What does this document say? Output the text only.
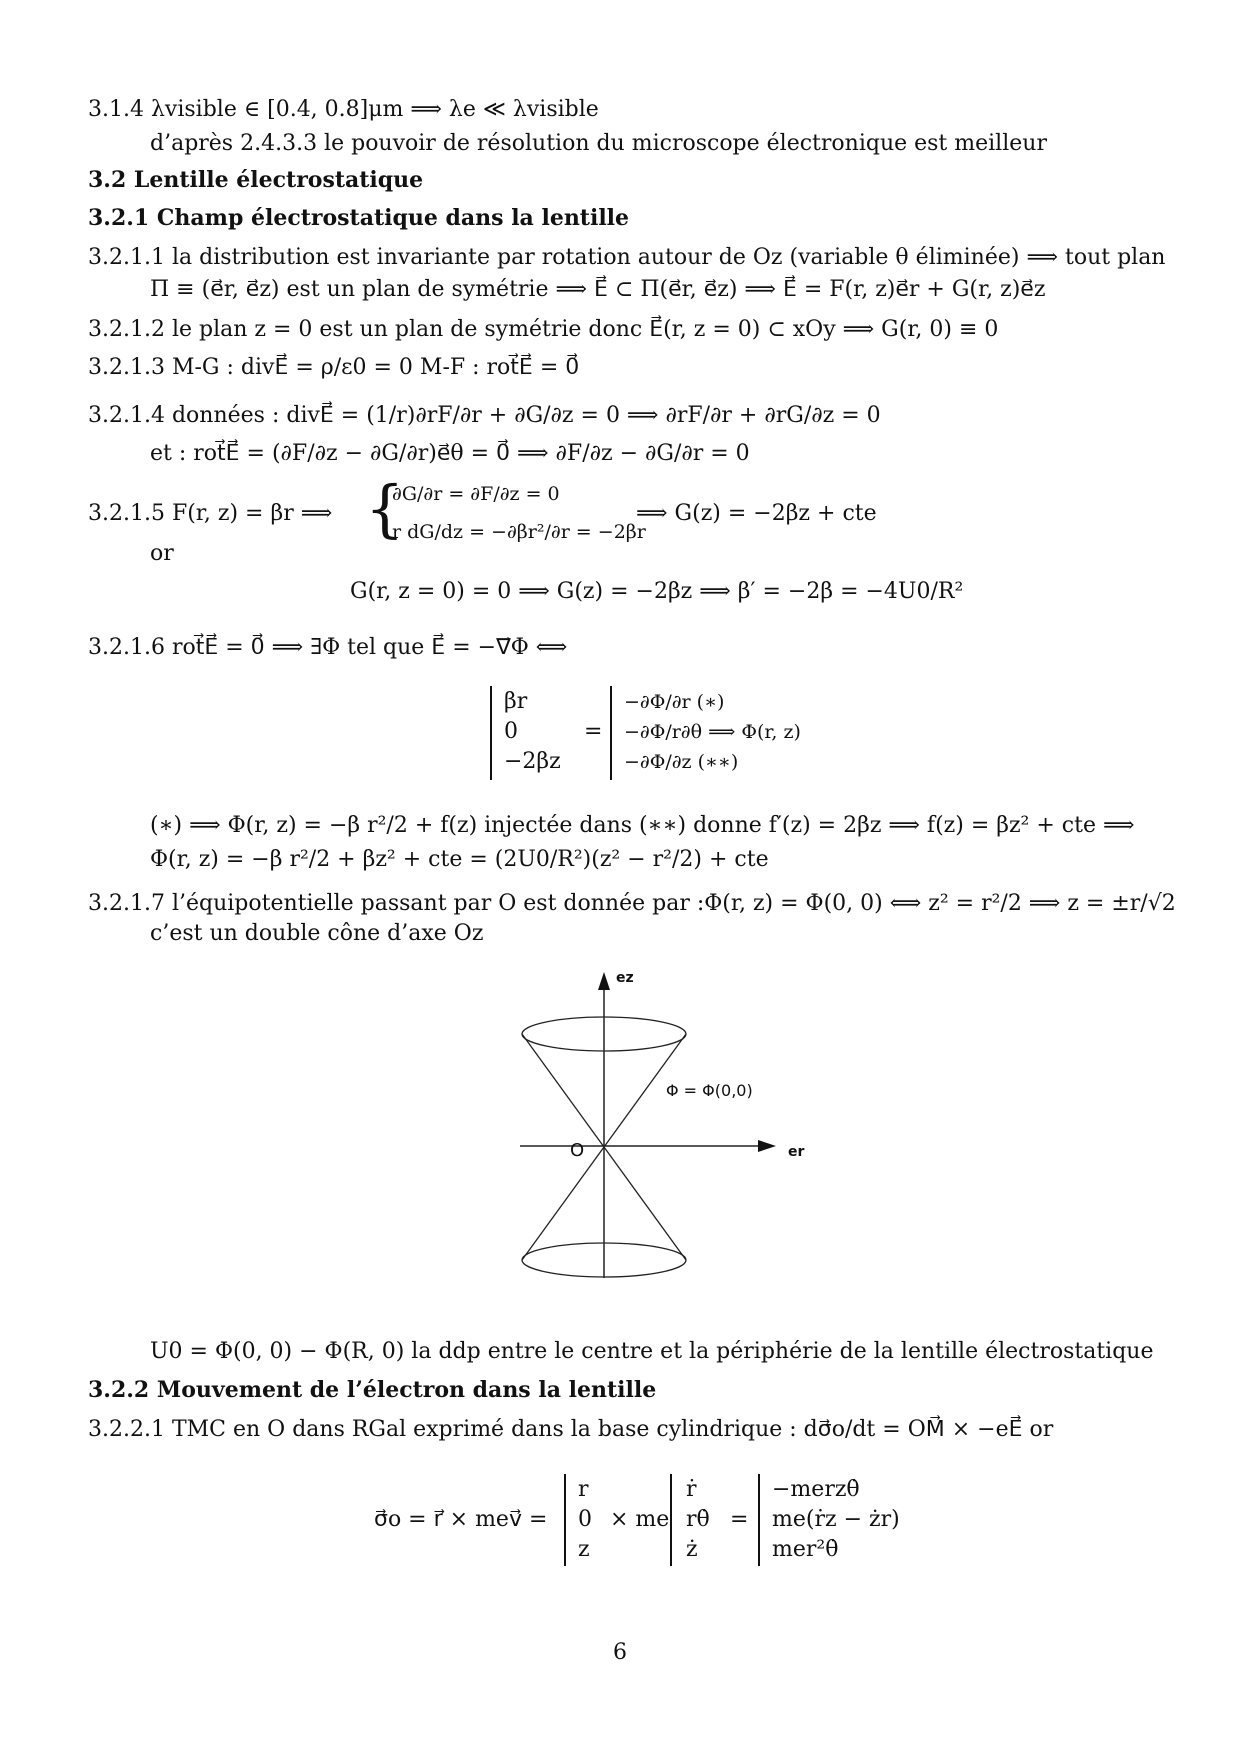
3.1.4 λvisible ∈ [0.4, 0.8]μm ⟹ λe ≪ λvisible
d’après 2.4.3.3 le pouvoir de résolution du microscope électronique est meilleur
3.2 Lentille électrostatique
3.2.1 Champ électrostatique dans la lentille
3.2.1.1 la distribution est invariante par rotation autour de Oz (variable θ éliminée) ⟹ tout plan
Π ≡ (e⃗r, e⃗z) est un plan de symétrie ⟹ E⃗ ⊂ Π(e⃗r, e⃗z) ⟹ E⃗ = F(r, z)e⃗r + G(r, z)e⃗z
3.2.1.2 le plan z = 0 est un plan de symétrie donc E⃗(r, z = 0) ⊂ xOy ⟹ G(r, 0) ≡ 0
3.2.1.3 M-G : divE⃗ = ρ/ε0 = 0 M-F : rot⃗E⃗ = 0⃗
3.2.1.4 données : divE⃗ = (1/r)∂rF/∂r + ∂G/∂z = 0 ⟹ ∂rF/∂r + ∂rG/∂z = 0
et : rot⃗E⃗ = (∂F/∂z − ∂G/∂r)e⃗θ = 0⃗ ⟹ ∂F/∂z − ∂G/∂r = 0
∂G/∂r = ∂F/∂z = 0
3.2.1.5 F(r, z) = βr ⟹ {
r dG/dz = −∂βr²/∂r = −2βr
⟹ G(z) = −2βz + cte
or
G(r, z = 0) = 0 ⟹ G(z) = −2βz ⟹ β′ = −2β = −4U0/R²
3.2.1.6 rot⃗E⃗ = 0⃗ ⟹ ∃Φ tel que E⃗ = −∇⃗Φ ⟺
βr
0
−2βz
=
−∂Φ/∂r (∗)
−∂Φ/r∂θ ⟹ Φ(r, z)
−∂Φ/∂z (∗∗)
(∗) ⟹ Φ(r, z) = −β r²/2 + f(z) injectée dans (∗∗) donne f′(z) = 2βz ⟹ f(z) = βz² + cte ⟹
Φ(r, z) = −β r²/2 + βz² + cte = (2U0/R²)(z² − r²/2) + cte
3.2.1.7 l’équipotentielle passant par O est donnée par :Φ(r, z) = Φ(0, 0) ⟺ z² = r²/2 ⟹ z = ±r/√2
c’est un double cône d’axe Oz
ez
er
O
Φ = Φ(0,0)
U0 = Φ(0, 0) − Φ(R, 0) la ddp entre le centre et la périphérie de la lentille électrostatique
3.2.2 Mouvement de l’électron dans la lentille
3.2.2.1 TMC en O dans RGal exprimé dans la base cylindrique : dσ⃗o/dt = OM⃗ × −eE⃗ or
σ⃗o = r⃗ × mev⃗ =
r
0
z
× me
ṙ
rθ̇
ż
=
−merzθ̇
me(ṙz − żr)
mer²θ̇
6
